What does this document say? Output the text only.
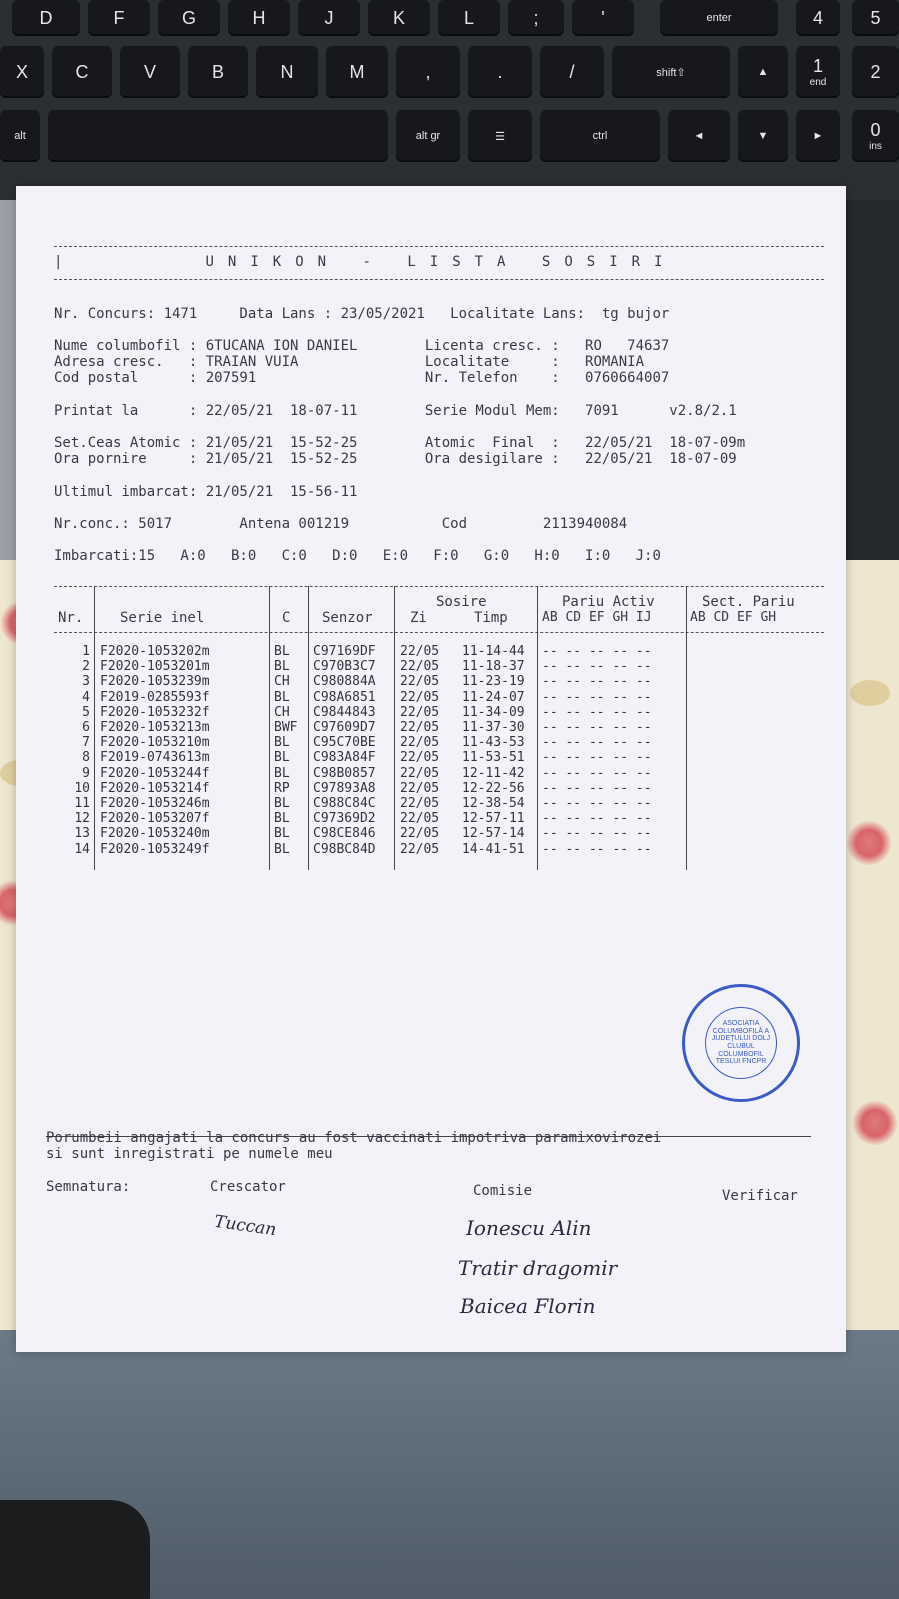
D	F	G	H	J	K	L	;	'	enter	4	5
X	C	V	B	N	M	,	.	/	shift⇧	▲	1
end
2
alt	alt gr	☰	ctrl	◄	▼	►	0
ins
|	UNIKON - LISTA SOSIRI
Nr. Concurs: 1471     Data Lans : 23/05/2021   Localitate Lans:  tg bujor
Nume columbofil : 6TUCANA ION DANIEL        Licenta cresc. :   RO   74637
Adresa cresc.   : TRAIAN VUIA               Localitate     :   ROMANIA
Cod postal      : 207591                    Nr. Telefon    :   0760664007
Printat la      : 22/05/21  18-07-11        Serie Modul Mem:   7091      v2.8/2.1
Set.Ceas Atomic : 21/05/21  15-52-25        Atomic  Final  :   22/05/21  18-07-09m
Ora pornire     : 21/05/21  15-52-25        Ora desigilare :   22/05/21  18-07-09
Ultimul imbarcat: 21/05/21  15-56-11
Nr.conc.: 5017        Antena 001219           Cod         2113940084
Imbarcati:15   A:0   B:0   C:0   D:0   E:0   F:0   G:0   H:0   I:0   J:0
Nr.	Serie inel	C Senzor
Sosire
Zi	Timp
Pariu Activ
AB CD EF GH IJ
Sect. Pariu
AB CD EF GH
1 F2020-1053202m	BL C97169DF 22/05 11-14-44 -- -- -- -- --
2 F2020-1053201m	BL C970B3C7 22/05 11-18-37 -- -- -- -- --
3 F2020-1053239m	CH C980884A 22/05 11-23-19 -- -- -- -- --
4 F2019-0285593f	BL C98A6851 22/05 11-24-07 -- -- -- -- --
5 F2020-1053232f	CH C9844843 22/05 11-34-09 -- -- -- -- --
6 F2020-1053213m	BWF C97609D7 22/05 11-37-30 -- -- -- -- --
7 F2020-1053210m	BL C95C70BE 22/05 11-43-53 -- -- -- -- --
8 F2019-0743613m	BL C983A84F 22/05 11-53-51 -- -- -- -- --
9 F2020-1053244f	BL C98B0857 22/05 12-11-42 -- -- -- -- --
10 F2020-1053214f	RP C97893A8 22/05 12-22-56 -- -- -- -- --
11 F2020-1053246m	BL C988C84C 22/05 12-38-54 -- -- -- -- --
12 F2020-1053207f	BL C97369D2 22/05 12-57-11 -- -- -- -- --
13 F2020-1053240m	BL C98CE846 22/05 12-57-14 -- -- -- -- --
14 F2020-1053249f	BL C98BC84D 22/05 14-41-51 -- -- -- -- --
ASOCIATIA COLUMBOFILĂ A JUDEŢULUI DOLJ CLUBUL COLUMBOFIL TESLUI FNCPR
Porumbeii angajati la concurs au fost vaccinati impotriva paramixovirozei
si sunt inregistrati pe numele meu
Semnatura:	Crescator	Comisie	Verificar
Tuccan	Ionescu Alin
Tratir dragomir
Baicea Florin
